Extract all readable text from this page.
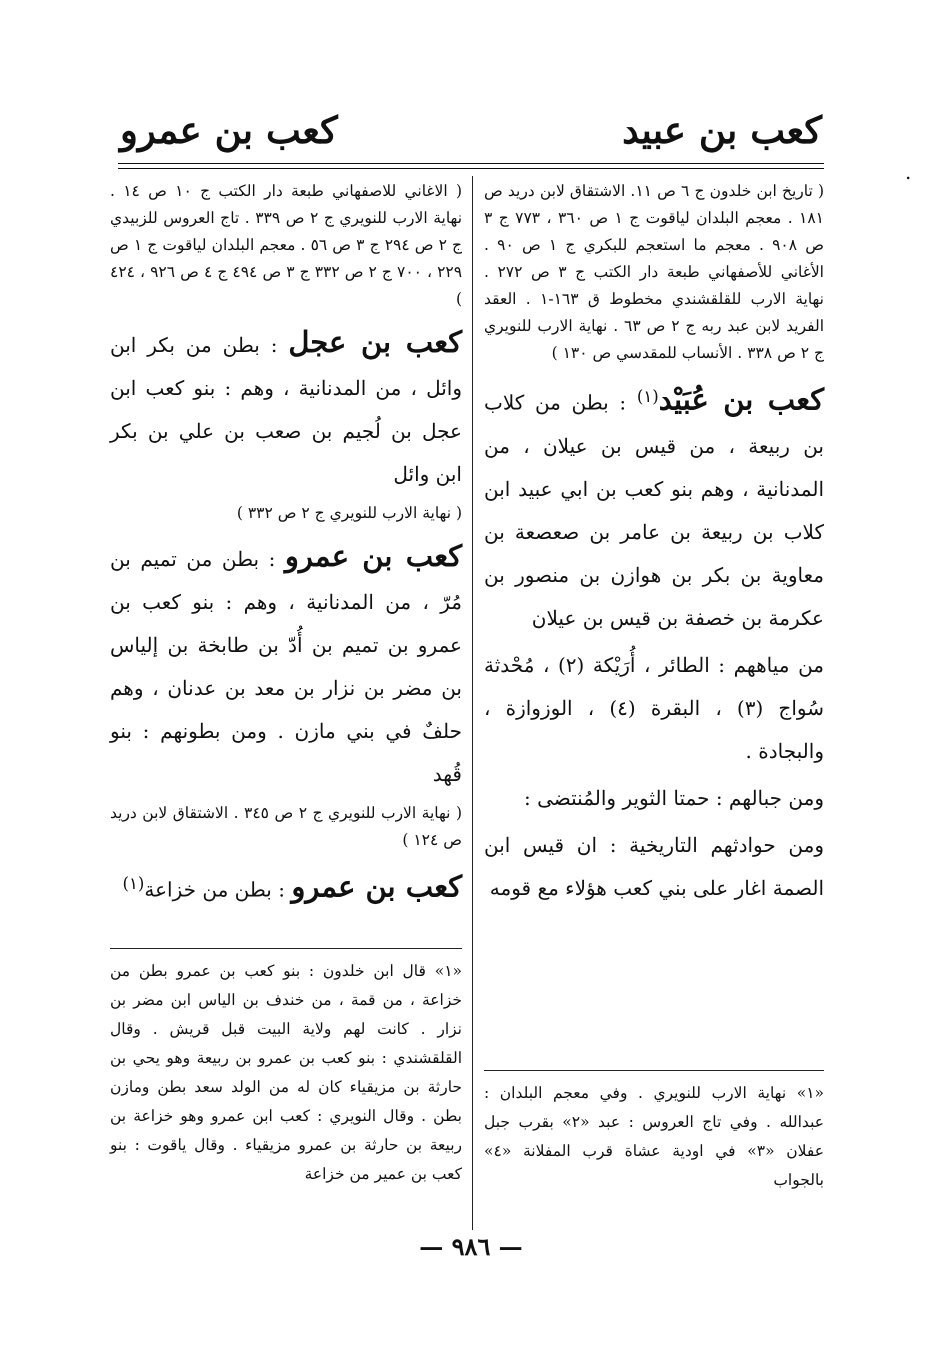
كعب بن عبيد
كعب بن عمرو
.

( تاريخ ابن خلدون ج ٦ ص ١١. الاشتقاق لابن دريد ص ١٨١ . معجم البلدان لياقوت ج ١ ص ٣٦٠ ، ٧٧٣ ج ٣ ص ٩٠٨ . معجم ما استعجم للبكري ج ١ ص ٩٠ . الأغاني للأصفهاني طبعة دار الكتب ج ٣ ص ٢٧٢ . نهاية الارب للقلقشندي مخطوط ق ١٦٣-١ . العقد الفريد لابن عبد ربه ج ٢ ص ٦٣ . نهاية الارب للنويري ج ٢ ص ٣٣٨ . الأنساب للمقدسي ص ١٣٠ )

كعب بن عُبَيْد$^{(١)}$ : بطن من كلاب بن ربيعة ، من قيس بن عيلان ، من المدنانية ، وهم بنو كعب بن ابي عبيد ابن كلاب بن ربيعة بن عامر بن صعصعة بن معاوية بن بكر بن هوازن بن منصور بن عكرمة بن خصفة بن قيس بن عيلان

من مياههم : الطائر ، أُرَيْكة (٢) ، مُحْدثة سُواج (٣) ، البقرة (٤) ، الوزوازة ، والبجادة .

ومن جبالهم : حمتا الثوير والمُنتضى :

ومن حوادثهم التاريخية : ان قيس ابن الصمة اغار على بني كعب هؤلاء مع قومه

( الاغاني للاصفهاني طبعة دار الكتب ج ١٠ ص ١٤ . نهاية الارب للنويري ج ٢ ص ٣٣٩ . تاج العروس للزبيدي ج ٢ ص ٢٩٤ ج ٣ ص ٥٦ . معجم البلدان لياقوت ج ١ ص ٢٢٩ ، ٧٠٠ ج ٢ ص ٣٣٢ ج ٣ ص ٤٩٤ ج ٤ ص ٩٢٦ ، ٤٢٤ )

كعب بن عجل : بطن من بكر ابن وائل ، من المدنانية ، وهم : بنو كعب ابن عجل بن لُجيم بن صعب بن علي بن بكر ابن وائل

( نهاية الارب للنويري ج ٢ ص ٣٣٢ )

كعب بن عمرو : بطن من تميم بن مُرّ ، من المدنانية ، وهم : بنو كعب بن عمرو بن تميم بن أُدّ بن طابخة بن إلياس بن مضر بن نزار بن معد بن عدنان ، وهم حلفٌ في بني مازن . ومن بطونهم : بنو قُهد

( نهاية الارب للنويري ج ٢ ص ٣٤٥ . الاشتقاق لابن دريد ص ١٢٤ )

كعب بن عمرو : بطن من خزاعة$^{(١)}$

«١» نهاية الارب للنويري . وفي معجم البلدان : عبدالله . وفي تاج العروس : عبد «٢» بقرب جبل عفلان «٣» في اودية عشاة قرب المفلانة «٤» بالجواب

«١» قال ابن خلدون : بنو كعب بن عمرو بطن من خزاعة ، من قمة ، من خندف بن الياس ابن مضر بن نزار . كانت لهم ولاية البيت قبل قريش . وقال القلقشندي : بنو كعب بن عمرو بن ربيعة وهو يحي بن حارثة بن مزيقياء كان له من الولد سعد بطن ومازن بطن . وقال النويري : كعب ابن عمرو وهو خزاعة بن ربيعة بن حارثة بن عمرو مزيقياء . وقال ياقوت : بنو كعب بن عمير من خزاعة

— ٩٨٦ —
